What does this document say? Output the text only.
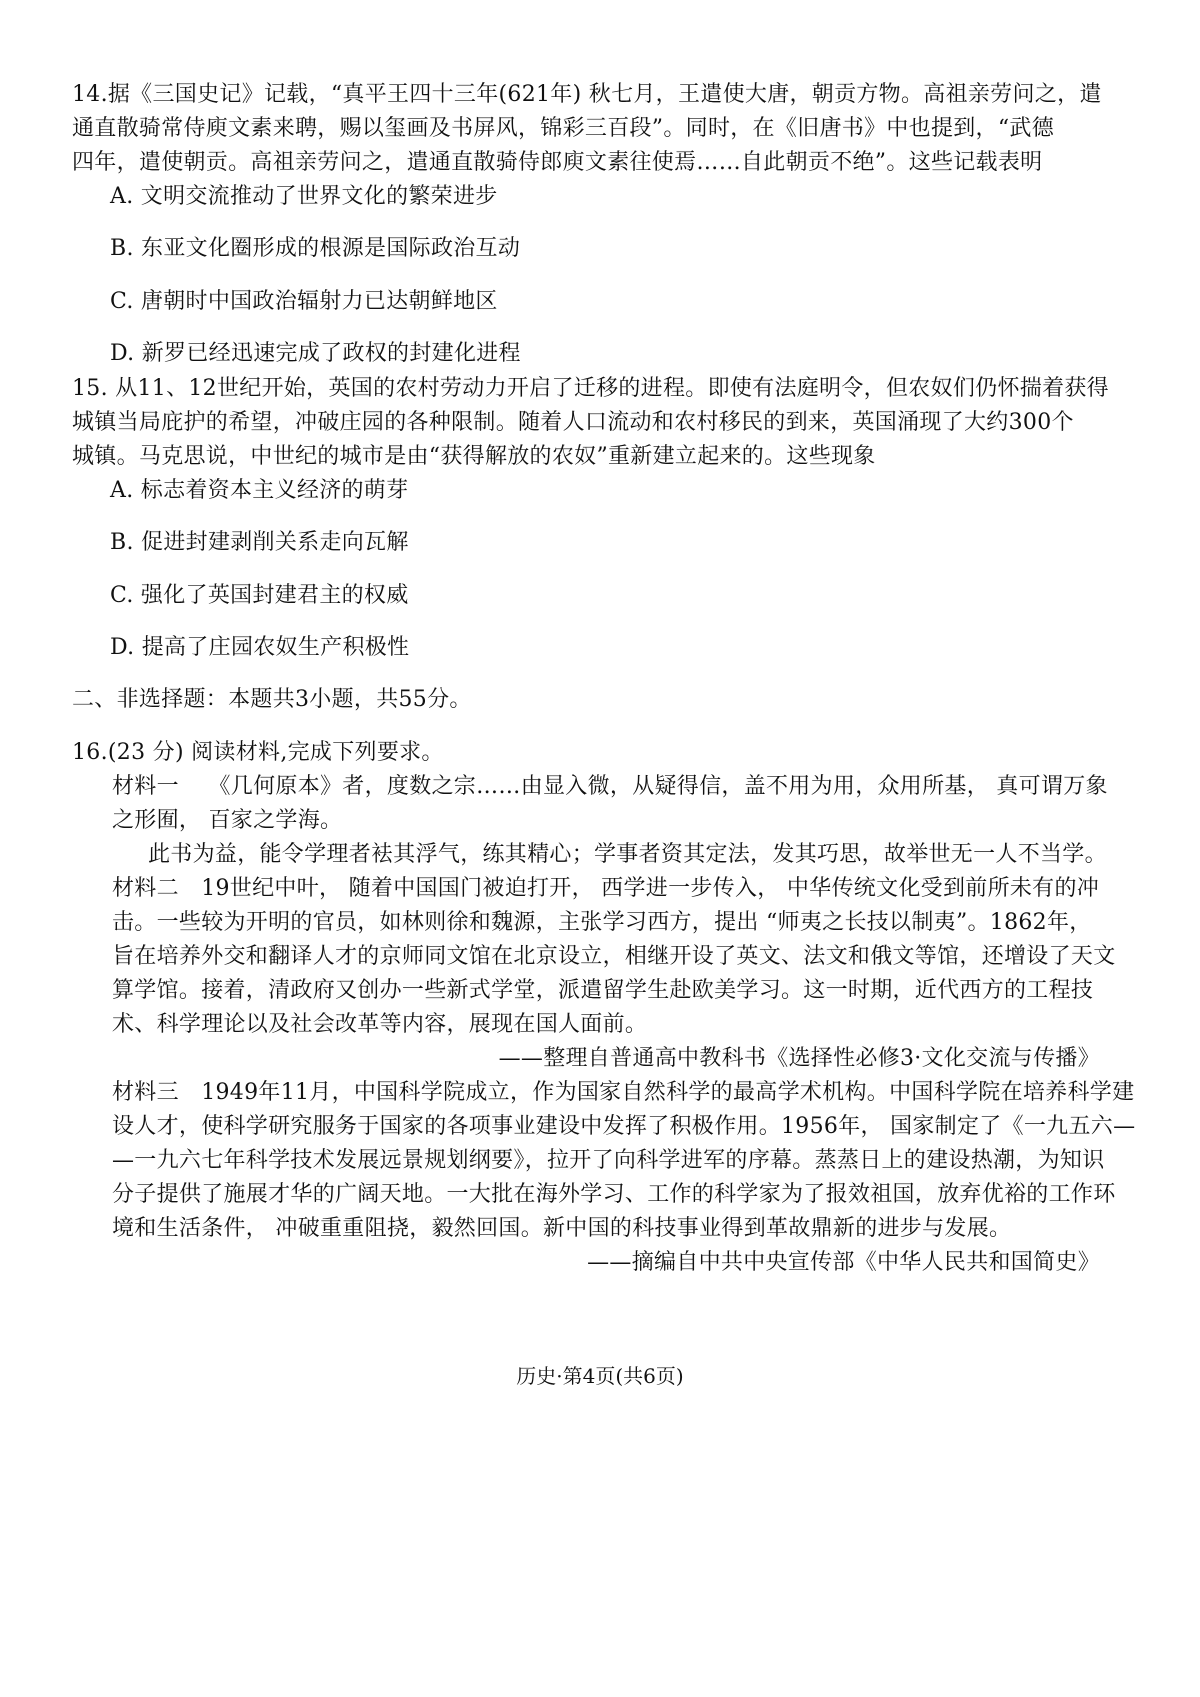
14.据《三国史记》记载，“真平王四十三年(621年) 秋七月，王遣使大唐，朝贡方物。高祖亲劳问之，遣
通直散骑常侍庾文素来聘，赐以玺画及书屏风，锦彩三百段”。同时，在《旧唐书》中也提到，“武德
四年，遣使朝贡。高祖亲劳问之，遣通直散骑侍郎庾文素往使焉……自此朝贡不绝”。这些记载表明
A. 文明交流推动了世界文化的繁荣进步
B. 东亚文化圈形成的根源是国际政治互动
C. 唐朝时中国政治辐射力已达朝鲜地区
D. 新罗已经迅速完成了政权的封建化进程
15. 从11、12世纪开始，英国的农村劳动力开启了迁移的进程。即使有法庭明令，但农奴们仍怀揣着获得
城镇当局庇护的希望，冲破庄园的各种限制。随着人口流动和农村移民的到来，英国涌现了大约300个
城镇。马克思说，中世纪的城市是由“获得解放的农奴”重新建立起来的。这些现象
A. 标志着资本主义经济的萌芽
B. 促进封建剥削关系走向瓦解
C. 强化了英国封建君主的权威
D. 提高了庄园农奴生产积极性
二、非选择题：本题共3小题，共55分。
16.(23 分) 阅读材料,完成下列要求。
材料一　 《几何原本》者，度数之宗……由显入微，从疑得信，盖不用为用，众用所基， 真可谓万象
之形囿， 百家之学海。
此书为益，能令学理者袪其浮气，练其精心；学事者资其定法，发其巧思，故举世无一人不当学。
材料二　19世纪中叶， 随着中国国门被迫打开， 西学进一步传入， 中华传统文化受到前所未有的冲
击。一些较为开明的官员，如林则徐和魏源，主张学习西方，提出 “师夷之长技以制夷”。1862年，
旨在培养外交和翻译人才的京师同文馆在北京设立，相继开设了英文、法文和俄文等馆，还增设了天文
算学馆。接着，清政府又创办一些新式学堂，派遣留学生赴欧美学习。这一时期，近代西方的工程技
术、科学理论以及社会改革等内容，展现在国人面前。
——整理自普通高中教科书《选择性必修3·文化交流与传播》
材料三　1949年11月，中国科学院成立，作为国家自然科学的最高学术机构。中国科学院在培养科学建
设人才，使科学研究服务于国家的各项事业建设中发挥了积极作用。1956年， 国家制定了《一九五六—
—一九六七年科学技术发展远景规划纲要》，拉开了向科学进军的序幕。蒸蒸日上的建设热潮，为知识
分子提供了施展才华的广阔天地。一大批在海外学习、工作的科学家为了报效祖国，放弃优裕的工作环
境和生活条件， 冲破重重阻挠，毅然回国。新中国的科技事业得到革故鼎新的进步与发展。
——摘编自中共中央宣传部《中华人民共和国简史》
历史·第4页(共6页)
